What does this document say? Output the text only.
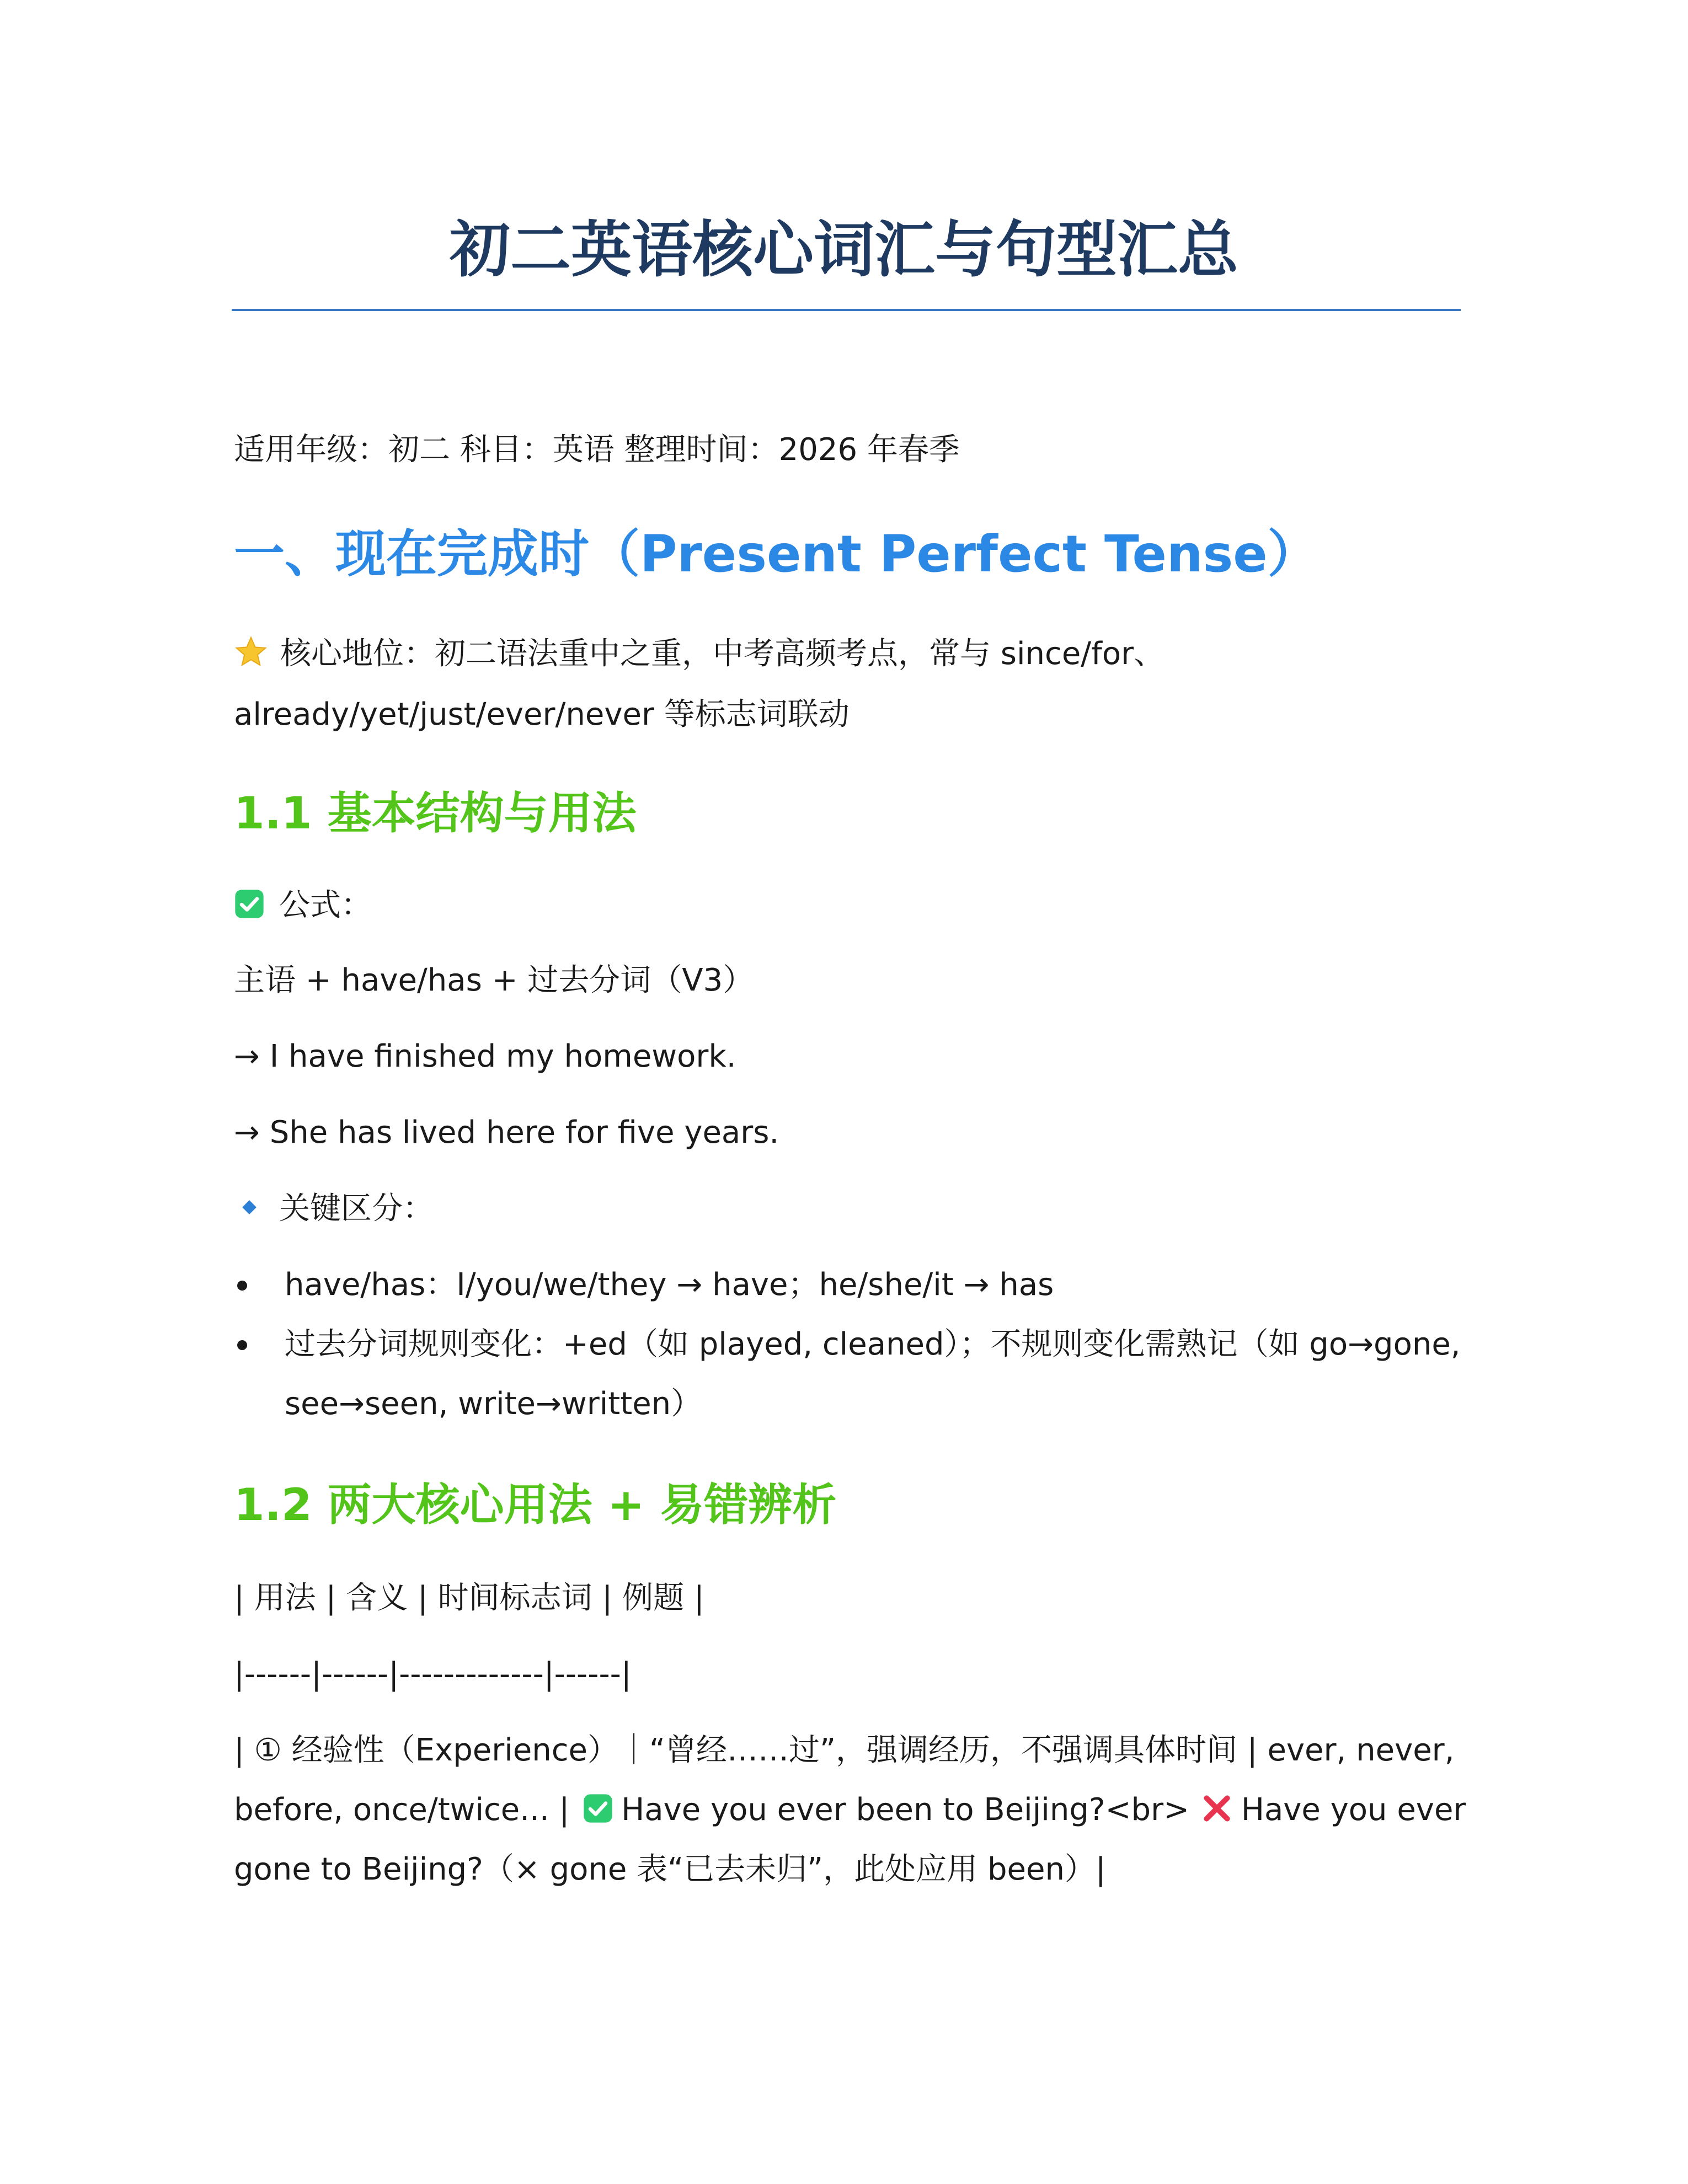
初二英语核心词汇与句型汇总
适用年级：初二 科目：英语 整理时间：2026 年春季
一、现在完成时（Present Perfect Tense）
核心地位：初二语法重中之重，中考高频考点，常与 since/for、
already/yet/just/ever/never 等标志词联动
1.1 基本结构与用法
公式：
主语 + have/has + 过去分词（V3）
→ I have finished my homework.
→ She has lived here for five years.
关键区分：
have/has：I/you/we/they → have；he/she/it → has
过去分词规则变化：+ed（如 played, cleaned）；不规则变化需熟记（如 go→gone,
see→seen, write→written）
1.2 两大核心用法 + 易错辨析
| 用法 | 含义 | 时间标志词 | 例题 |
|------|------|-------------|------|
| ① 经验性（Experience）｜“曾经……过”，强调经历，不强调具体时间 | ever, never,
before, once/twice... | Have you ever been to Beijing?<br> Have you ever
gone to Beijing?（× gone 表“已去未归”，此处应用 been）|
